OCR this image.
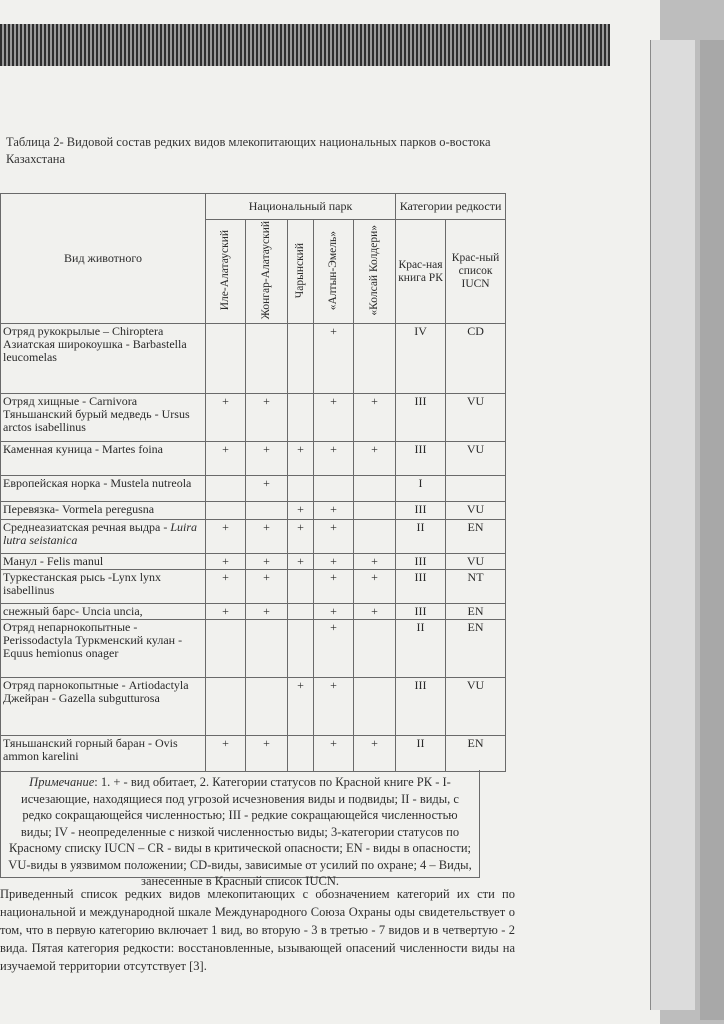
Таблица 2- Видовой состав редких видов млекопитающих национальных парков о-востока Казахстана
Вид животного	Национальный парк					Категории редкости	
	Иле-Алатауский	Жонгар-Алатауский	Чарынский	«Алтын-Эмель»	«Колсай Колдери»	Крас-ная книга РК	Крас-ный список IUCN
Отряд рукокрылые – Chiroptera Азиатская широкоушка - Barbastella leucomelas				+		IV	CD
Отряд хищные - Carnivora Тяньшанский бурый медведь - Ursus arctos isabellinus	+	+		+	+	III	VU
Каменная куница - Martes foina	+	+	+	+	+	III	VU
Европейская норка - Mustela nutreola		+				I	
Перевязка- Vormela peregusna			+	+		III	VU
Среднеазиатская речная выдра - Luira lutra seistanica	+	+	+	+		II	EN
Манул - Felis manul	+	+	+	+	+	III	VU
Туркестанская рысь -Lynx lynx isabellinus	+	+		+	+	III	NT
снежный барс- Uncia uncia,	+	+		+	+	III	EN
Отряд непарнокопытные - Perissodactyla Туркменский кулан - Equus hemionus onager				+		II	EN
Отряд парнокопытные - Artiodactyla Джейран - Gazella subgutturosa			+	+		III	VU
Тяньшанский горный баран - Ovis ammon karelini	+	+		+	+	II	EN
Примечание: 1. + - вид обитает, 2. Категории статусов по Красной книге РК - I-исчезающие, находящиеся под угрозой исчезновения виды и подвиды; II - виды, с редко сокращающейся численностью; III - редкие сокращающейся численностью виды; IV - неопределенные с низкой численностью виды; 3-категории статусов по Красному списку IUCN – CR - виды в критической опасности; EN - виды в опасности; VU-виды в уязвимом положении; CD-виды, зависимые от усилий по охране; 4 – Виды, занесенные в Красный список IUCN.

Приведенный список редких видов млекопитающих с обозначением категорий их сти по национальной и международной шкале Международного Союза Охраны оды свидетельствует о том, что в первую категорию включает 1 вид, во вторую - 3 в третью - 7 видов и в четвертую - 2 вида. Пятая категория редкости: восстановленные, ызывающей опасений численности виды на изучаемой территории отсутствует [3].
